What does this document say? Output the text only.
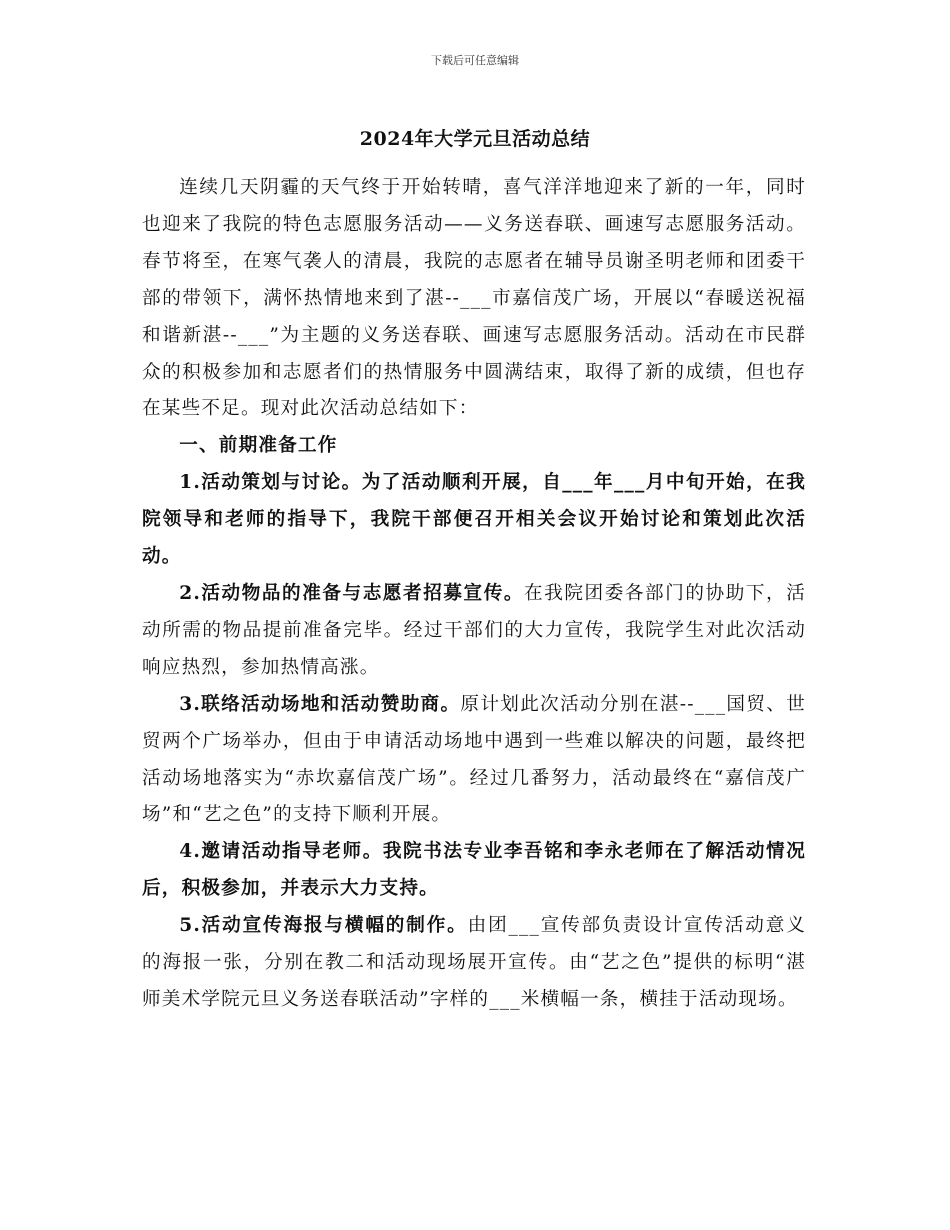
下载后可任意编辑
2024年大学元旦活动总结

连续几天阴霾的天气终于开始转晴，喜气洋洋地迎来了新的一年，同时也迎来了我院的特色志愿服务活动——义务送春联、画速写志愿服务活动。春节将至，在寒气袭人的清晨，我院的志愿者在辅导员谢圣明老师和团委干部的带领下，满怀热情地来到了湛--___市嘉信茂广场，开展以“春暖送祝福和谐新湛--___”为主题的义务送春联、画速写志愿服务活动。活动在市民群众的积极参加和志愿者们的热情服务中圆满结束，取得了新的成绩，但也存在某些不足。现对此次活动总结如下：

一、前期准备工作

1.活动策划与讨论。为了活动顺利开展，自___年___月中旬开始，在我院领导和老师的指导下，我院干部便召开相关会议开始讨论和策划此次活动。

2.活动物品的准备与志愿者招募宣传。在我院团委各部门的协助下，活动所需的物品提前准备完毕。经过干部们的大力宣传，我院学生对此次活动响应热烈，参加热情高涨。

3.联络活动场地和活动赞助商。原计划此次活动分别在湛--___国贸、世贸两个广场举办，但由于申请活动场地中遇到一些难以解决的问题，最终把活动场地落实为“赤坎嘉信茂广场”。经过几番努力，活动最终在“嘉信茂广场”和“艺之色”的支持下顺利开展。

4.邀请活动指导老师。我院书法专业李吾铭和李永老师在了解活动情况后，积极参加，并表示大力支持。

5.活动宣传海报与横幅的制作。由团___宣传部负责设计宣传活动意义的海报一张，分别在教二和活动现场展开宣传。由“艺之色”提供的标明“湛师美术学院元旦义务送春联活动”字样的___米横幅一条，横挂于活动现场。
